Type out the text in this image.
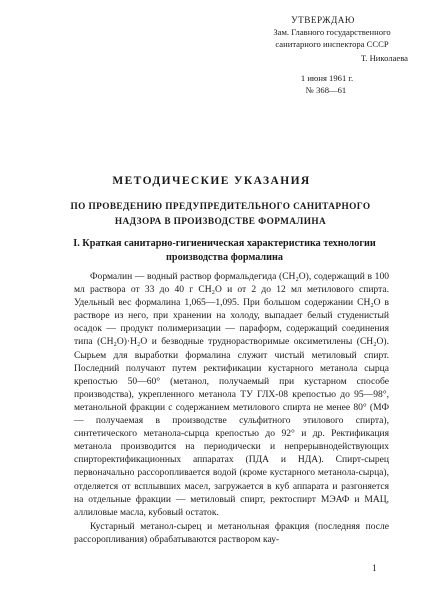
УТВЕРЖДАЮ
Зам. Главного государственного
санитарного инспектора СССР
Т. Николаева
1 июня 1961 г.
№ 368—61
МЕТОДИЧЕСКИЕ УКАЗАНИЯ
ПО ПРОВЕДЕНИЮ ПРЕДУПРЕДИТЕЛЬНОГО САНИТАРНОГО НАДЗОРА В ПРОИЗВОДСТВЕ ФОРМАЛИНА
I. Краткая санитарно-гигиеническая характеристика технологии производства формалина

Формалин — водный раствор формальдегида (CH₂O), содержащий в 100 мл раствора от 33 до 40 г CH₂O и от 2 до 12 мл метилового спирта. Удельный вес формалина 1,065—1,095. При большом содержании CH₂O в растворе из него, при хранении на холоду, выпадает белый студенистый осадок — продукт полимеризации — параформ, содержащий соединения типа (CH₂O)·H₂O и безводные труднорастворимые оксиметилены (CH₂O). Сырьем для выработки формалина служит чистый метиловый спирт. Последний получают путем ректификации кустарного метанола сырца крепостью 50—60° (метанол, получаемый при кустарном способе производства), укрепленного метанола ТУ ГЛХ-08 крепостью до 95—98°, метанольной фракции с содержанием метилового спирта не менее 80° (МФ — получаемая в производстве сульфитного этилового спирта), синтетического метанола-сырца крепостью до 92° и др. Ректификация метанола производится на периодически и непрерывнодействующих спирторектификационных аппаратах (ПДА и НДА). Спирт-сырец первоначально рассоропливается водой (кроме кустарного метанола-сырца), отделяется от всплывших масел, загружается в куб аппарата и разгоняется на отдельные фракции — метиловый спирт, ректоспирт МЭАФ и МАЦ, аллиловые масла, кубовый остаток.

Кустарный метанол-сырец и метанольная фракция (последняя после рассоропливания) обрабатываются раствором кау-

1
